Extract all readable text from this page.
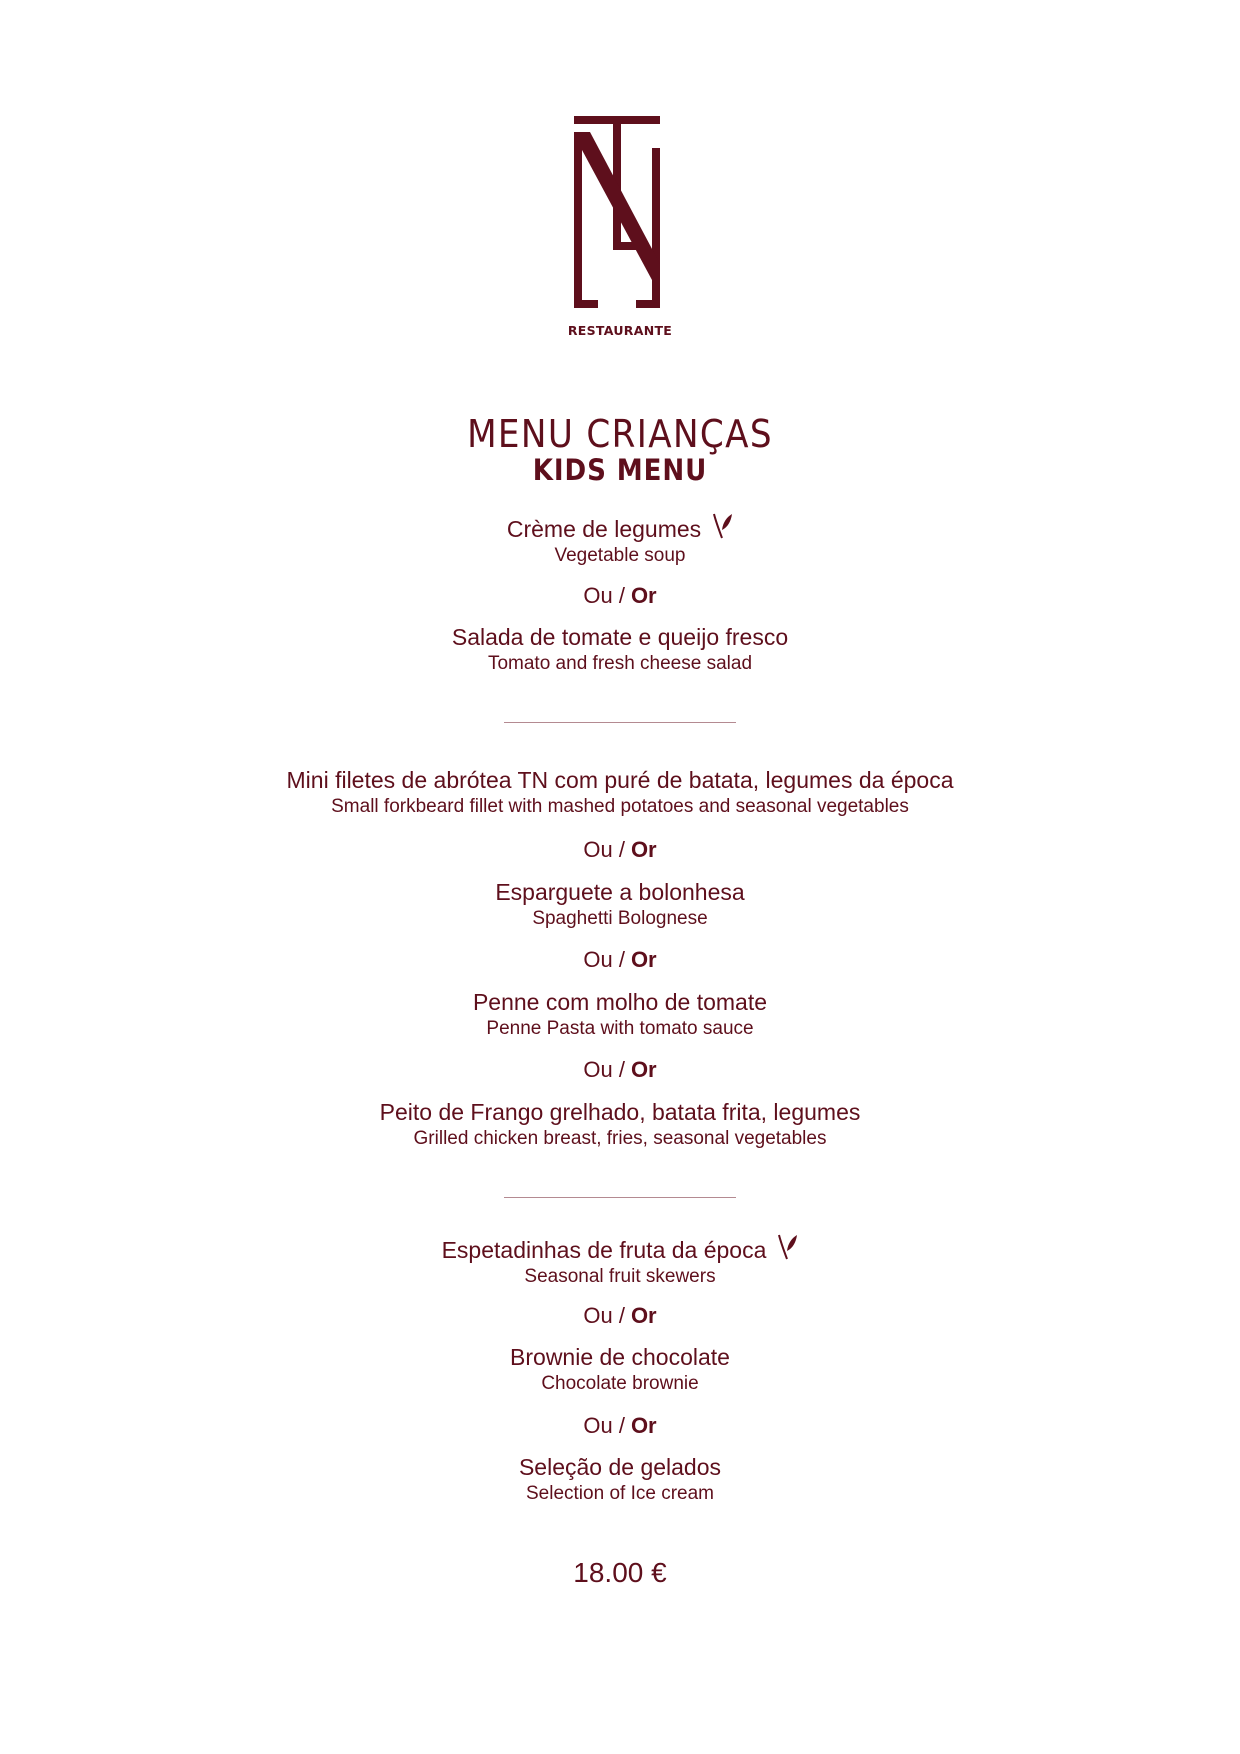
RESTAURANTE
MENU CRIANÇAS
KIDS MENU
Crème de legumes
Vegetable soup
Ou / Or
Salada de tomate e queijo fresco
Tomato and fresh cheese salad
Mini filetes de abrótea TN com puré de batata, legumes da época
Small forkbeard fillet with mashed potatoes and seasonal vegetables
Ou / Or
Esparguete a bolonhesa
Spaghetti Bolognese
Ou / Or
Penne com molho de tomate
Penne Pasta with tomato sauce
Ou / Or
Peito de Frango grelhado, batata frita, legumes
Grilled chicken breast, fries, seasonal vegetables
Espetadinhas de fruta da época
Seasonal fruit skewers
Ou / Or
Brownie de chocolate
Chocolate brownie
Ou / Or
Seleção de gelados
Selection of Ice cream
18.00 €
